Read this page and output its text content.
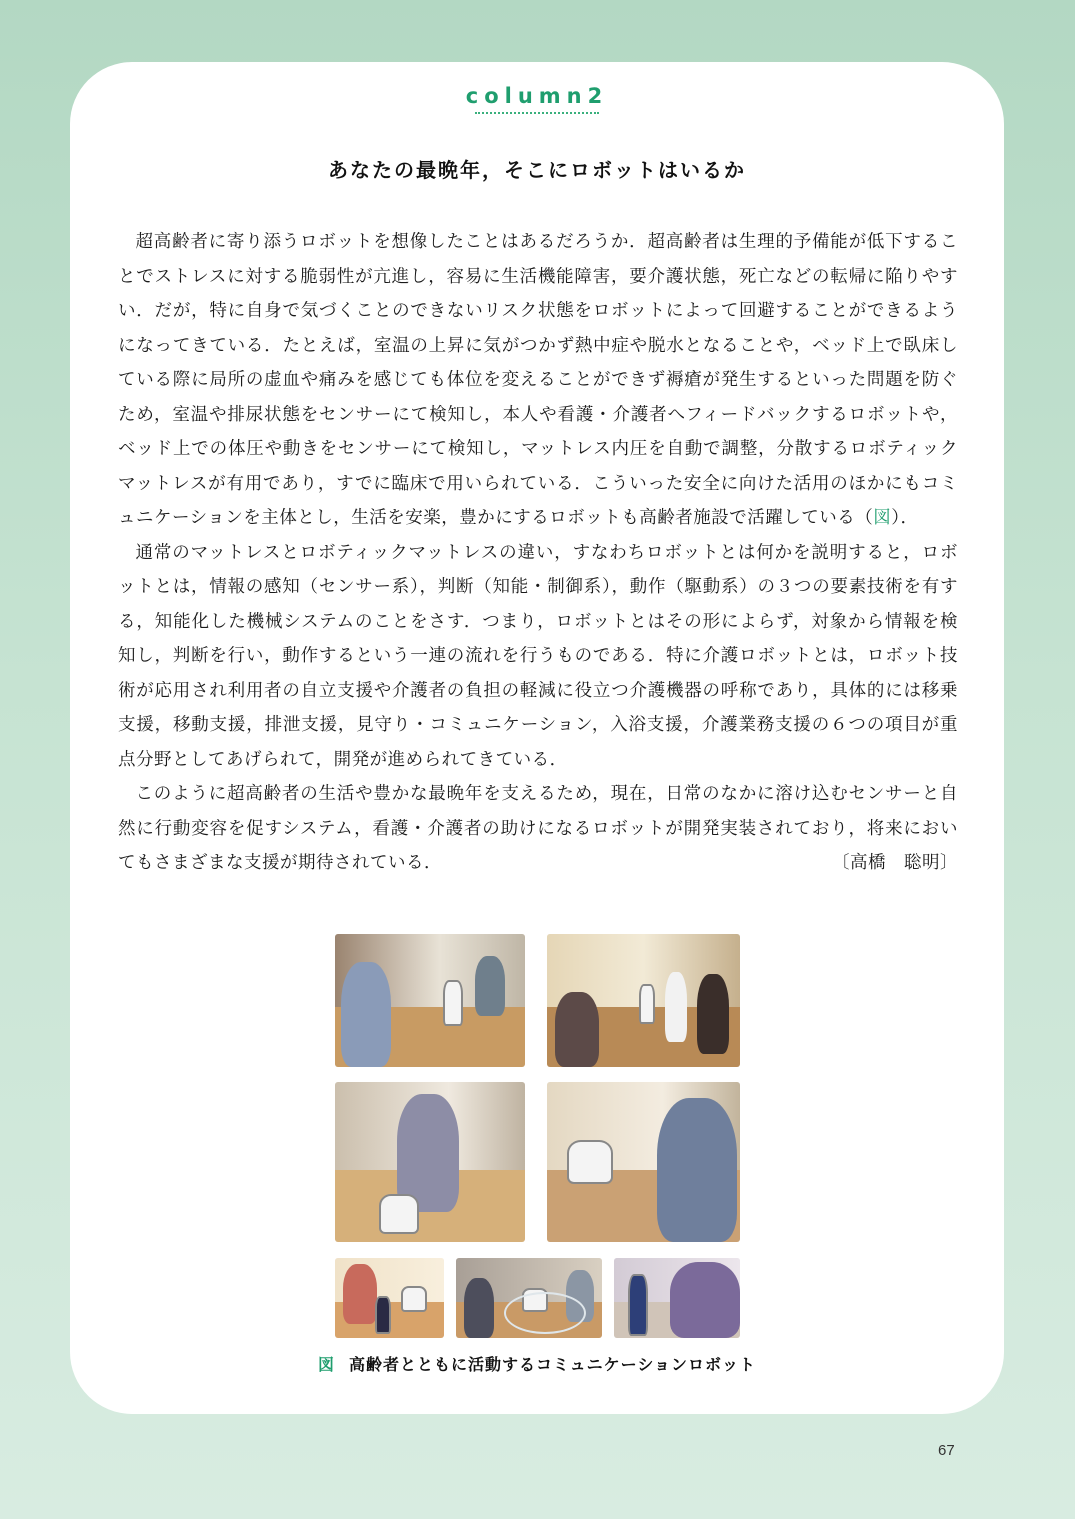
column2
あなたの最晩年，そこにロボットはいるか

超高齢者に寄り添うロボットを想像したことはあるだろうか．超高齢者は生理的予備能が低下することでストレスに対する脆弱性が亢進し，容易に生活機能障害，要介護状態，死亡などの転帰に陥りやすい．だが，特に自身で気づくことのできないリスク状態をロボットによって回避することができるようになってきている．たとえば，室温の上昇に気がつかず熱中症や脱水となることや，ベッド上で臥床している際に局所の虚血や痛みを感じても体位を変えることができず褥瘡が発生するといった問題を防ぐため，室温や排尿状態をセンサーにて検知し，本人や看護・介護者へフィードバックするロボットや，ベッド上での体圧や動きをセンサーにて検知し，マットレス内圧を自動で調整，分散するロボティックマットレスが有用であり，すでに臨床で用いられている．こういった安全に向けた活用のほかにもコミュニケーションを主体とし，生活を安楽，豊かにするロボットも高齢者施設で活躍している（図）．

通常のマットレスとロボティックマットレスの違い，すなわちロボットとは何かを説明すると，ロボットとは，情報の感知（センサー系），判断（知能・制御系），動作（駆動系）の３つの要素技術を有する，知能化した機械システムのことをさす．つまり，ロボットとはその形によらず，対象から情報を検知し，判断を行い，動作するという一連の流れを行うものである．特に介護ロボットとは，ロボット技術が応用され利用者の自立支援や介護者の負担の軽減に役立つ介護機器の呼称であり，具体的には移乗支援，移動支援，排泄支援，見守り・コミュニケーション，入浴支援，介護業務支援の６つの項目が重点分野としてあげられて，開発が進められてきている．

このように超高齢者の生活や豊かな最晩年を支えるため，現在，日常のなかに溶け込むセンサーと自然に行動変容を促すシステム，看護・介護者の助けになるロボットが開発実装されており，将来においてもさまざまな支援が期待されている．	〔高橋　聡明〕

図 高齢者とともに活動するコミュニケーションロボット
67
